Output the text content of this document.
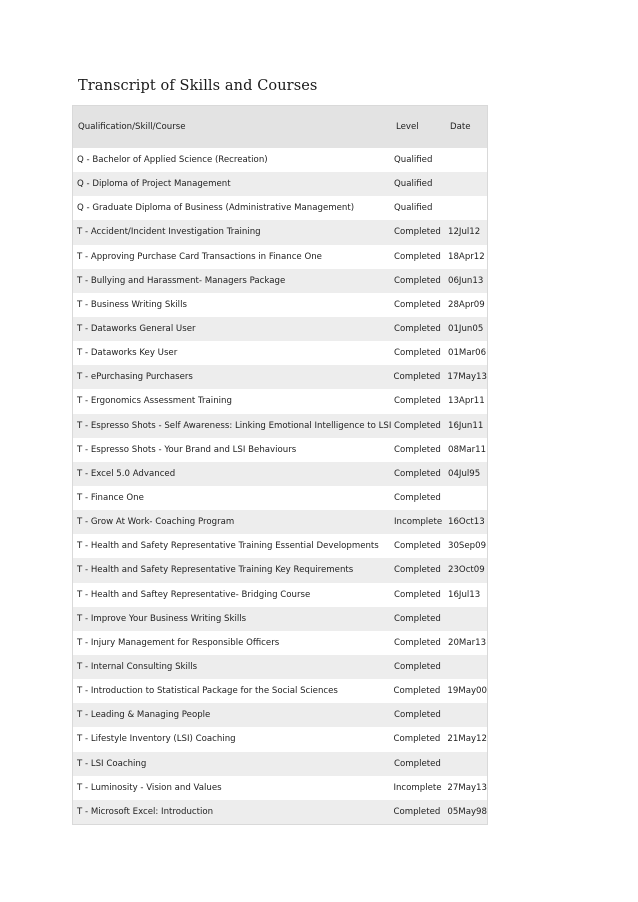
Transcript of Skills and Courses
Qualification/Skill/Course	Level	Date
Q - Bachelor of Applied Science (Recreation)	Qualified
Q - Diploma of Project Management	Qualified
Q - Graduate Diploma of Business (Administrative Management)	Qualified
T - Accident/Incident Investigation Training	Completed 12Jul12
T - Approving Purchase Card Transactions in Finance One	Completed 18Apr12
T - Bullying and Harassment- Managers Package	Completed 06Jun13
T - Business Writing Skills	Completed 28Apr09
T - Dataworks General User	Completed 01Jun05
T - Dataworks Key User	Completed 01Mar06
T - ePurchasing Purchasers	Completed 17May13
T - Ergonomics Assessment Training	Completed 13Apr11
T - Espresso Shots - Self Awareness: Linking Emotional Intelligence to LSI Completed 16Jun11
T - Espresso Shots - Your Brand and LSI Behaviours	Completed 08Mar11
T - Excel 5.0 Advanced	Completed 04Jul95
T - Finance One	Completed
T - Grow At Work- Coaching Program	Incomplete 16Oct13
T - Health and Safety Representative Training Essential Developments	Completed 30Sep09
T - Health and Safety Representative Training Key Requirements	Completed 23Oct09
T - Health and Saftey Representative- Bridging Course	Completed 16Jul13
T - Improve Your Business Writing Skills	Completed
T - Injury Management for Responsible Officers	Completed 20Mar13
T - Internal Consulting Skills	Completed
T - Introduction to Statistical Package for the Social Sciences	Completed 19May00
T - Leading & Managing People	Completed
T - Lifestyle Inventory (LSI) Coaching	Completed 21May12
T - LSI Coaching	Completed
T - Luminosity - Vision and Values	Incomplete 27May13
T - Microsoft Excel: Introduction	Completed 05May98
